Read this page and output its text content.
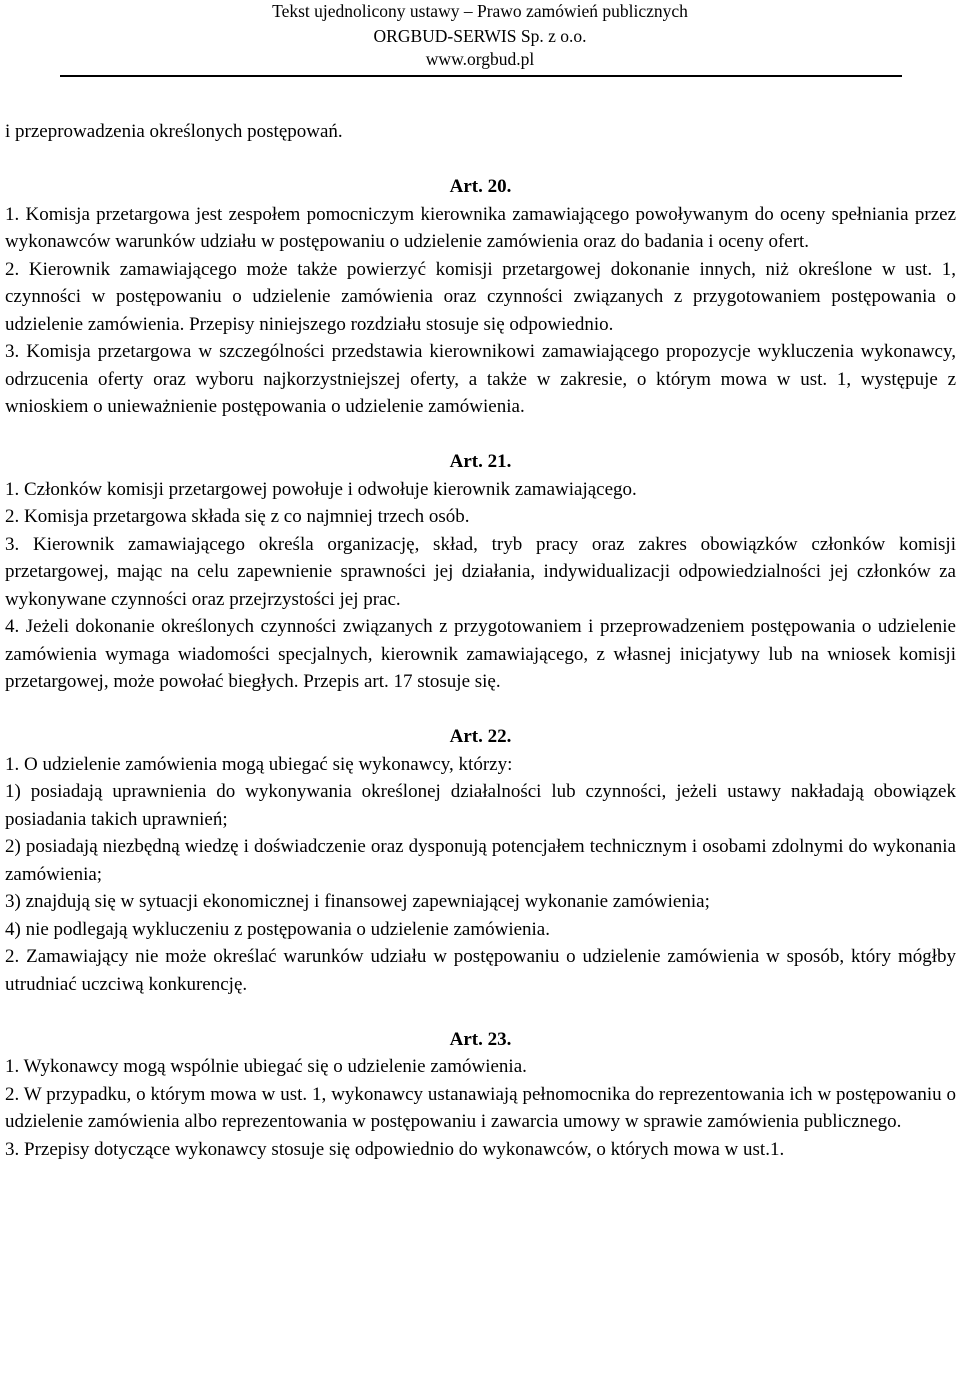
Tekst ujednolicony ustawy – Prawo zamówień publicznych
ORGBUD-SERWIS Sp. z o.o.
www.orgbud.pl

i przeprowadzenia określonych postępowań.

Art. 20.

1. Komisja przetargowa jest zespołem pomocniczym kierownika zamawiającego powoływanym do oceny spełniania przez wykonawców warunków udziału w postępowaniu o udzielenie zamówienia oraz do badania i oceny ofert.

2. Kierownik zamawiającego może także powierzyć komisji przetargowej dokonanie innych, niż określone w ust. 1, czynności w postępowaniu o udzielenie zamówienia oraz czynności związanych z przygotowaniem postępowania o udzielenie zamówienia. Przepisy niniejszego rozdziału stosuje się odpowiednio.

3. Komisja przetargowa w szczególności przedstawia kierownikowi zamawiającego propozycje wykluczenia wykonawcy, odrzucenia oferty oraz wyboru najkorzystniejszej oferty, a także w zakresie, o którym mowa w ust. 1, występuje z wnioskiem o unieważnienie postępowania o udzielenie zamówienia.

Art. 21.

1. Członków komisji przetargowej powołuje i odwołuje kierownik zamawiającego.

2. Komisja przetargowa składa się z co najmniej trzech osób.

3. Kierownik zamawiającego określa organizację, skład, tryb pracy oraz zakres obowiązków członków komisji przetargowej, mając na celu zapewnienie sprawności jej działania, indywidualizacji odpowiedzialności jej członków za wykonywane czynności oraz przejrzystości jej prac.

4. Jeżeli dokonanie określonych czynności związanych z przygotowaniem i przeprowadzeniem postępowania o udzielenie zamówienia wymaga wiadomości specjalnych, kierownik zamawiającego, z własnej inicjatywy lub na wniosek komisji przetargowej, może powołać biegłych. Przepis art. 17 stosuje się.

Art. 22.

1. O udzielenie zamówienia mogą ubiegać się wykonawcy, którzy:

1) posiadają uprawnienia do wykonywania określonej działalności lub czynności, jeżeli ustawy nakładają obowiązek posiadania takich uprawnień;

2) posiadają niezbędną wiedzę i doświadczenie oraz dysponują potencjałem technicznym i osobami zdolnymi do wykonania zamówienia;

3) znajdują się w sytuacji ekonomicznej i finansowej zapewniającej wykonanie zamówienia;

4) nie podlegają wykluczeniu z postępowania o udzielenie zamówienia.

2. Zamawiający nie może określać warunków udziału w postępowaniu o udzielenie zamówienia w sposób, który mógłby utrudniać uczciwą konkurencję.

Art. 23.

1. Wykonawcy mogą wspólnie ubiegać się o udzielenie zamówienia.

2. W przypadku, o którym mowa w ust. 1, wykonawcy ustanawiają pełnomocnika do reprezentowania ich w postępowaniu o udzielenie zamówienia albo reprezentowania w postępowaniu i zawarcia umowy w sprawie zamówienia publicznego.

3. Przepisy dotyczące wykonawcy stosuje się odpowiednio do wykonawców, o których mowa w ust.1.
